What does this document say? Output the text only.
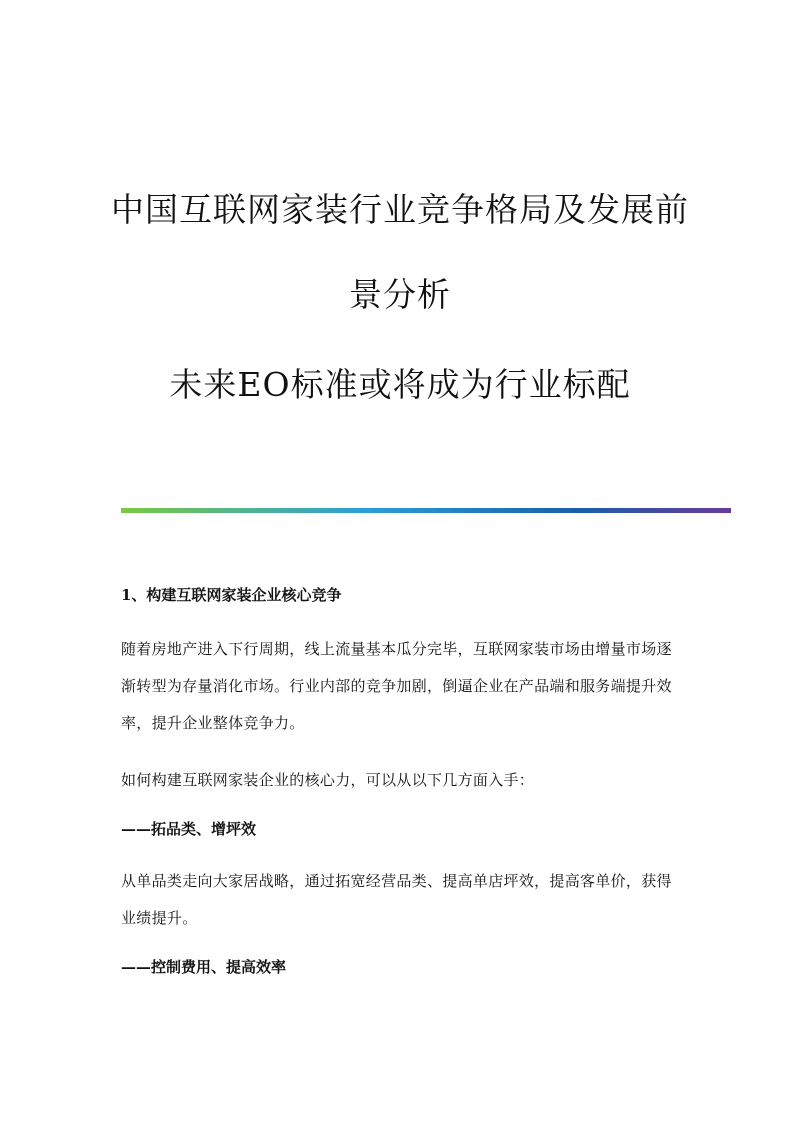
中国互联网家装行业竞争格局及发展前
景分析
未来EO标准或将成为行业标配
1、构建互联网家装企业核心竞争

随着房地产进入下行周期，线上流量基本瓜分完毕，互联网家装市场由增量市场逐渐转型为存量消化市场。行业内部的竞争加剧，倒逼企业在产品端和服务端提升效率，提升企业整体竞争力。

如何构建互联网家装企业的核心力，可以从以下几方面入手：

——拓品类、增坪效

从单品类走向大家居战略，通过拓宽经营品类、提高单店坪效，提高客单价，获得业绩提升。

——控制费用、提高效率
